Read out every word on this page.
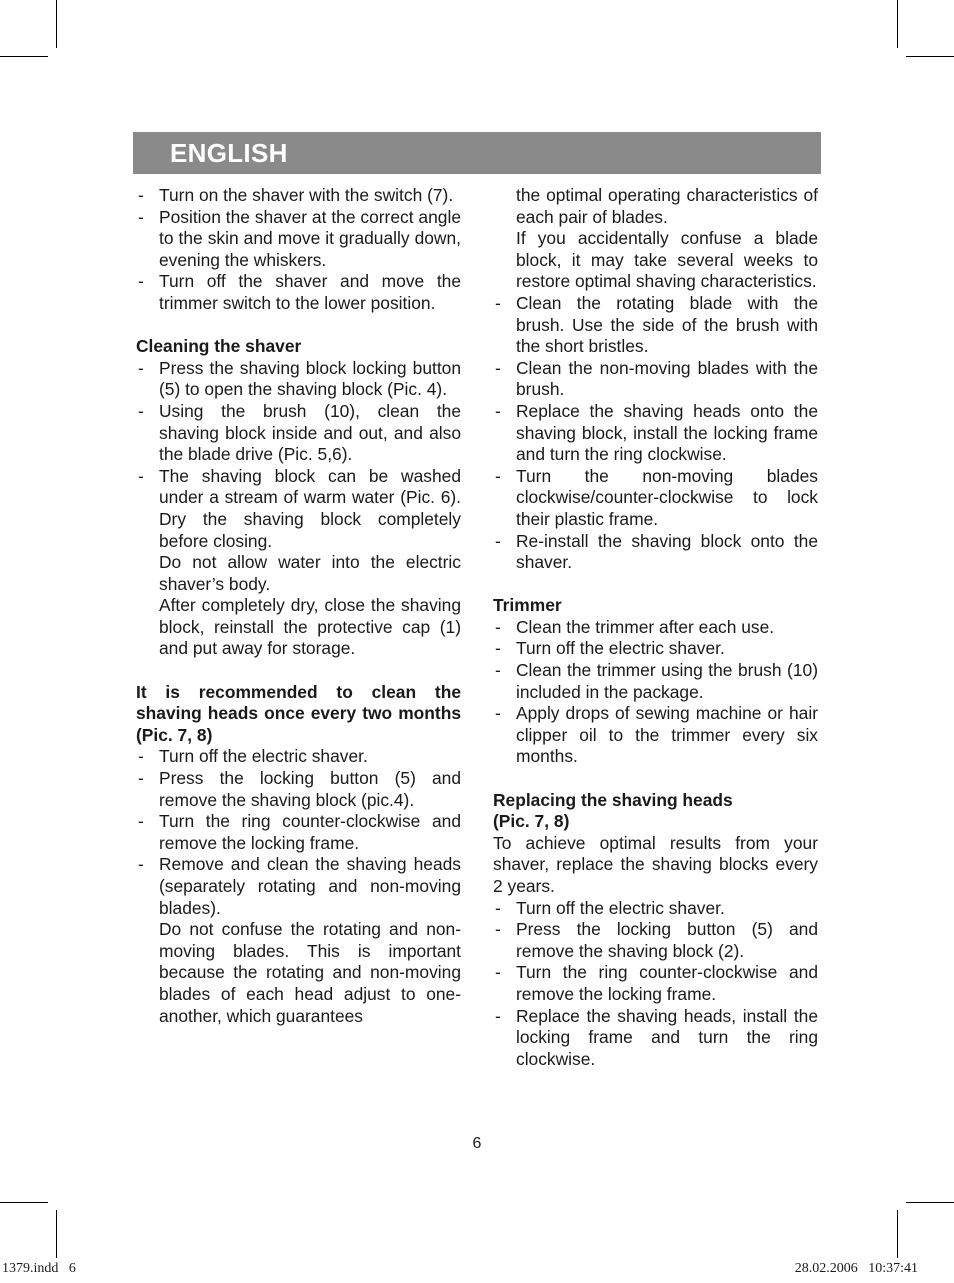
ENGLISH

- Turn on the shaver with the switch (7).

- Position the shaver at the correct angle to the skin and move it gradually down, evening the whiskers.

- Turn off the shaver and move the trimmer switch to the lower position.

Cleaning the shaver

- Press the shaving block locking button (5) to open the shaving block (Pic. 4).

- Using the brush (10), clean the shaving block inside and out, and also the blade drive (Pic. 5,6).

- The shaving block can be washed under a stream of warm water (Pic. 6). Dry the shaving block completely before closing.

Do not allow water into the electric shaver’s body.

After completely dry, close the shaving block, reinstall the protective cap (1) and put away for storage.

It is recommended to clean the shaving heads once every two months (Pic. 7, 8)

- Turn off the electric shaver.

- Press the locking button (5) and remove the shaving block (pic.4).

- Turn the ring counter-clockwise and remove the locking frame.

- Remove and clean the shaving heads (separately rotating and non-moving blades).

Do not confuse the rotating and non-moving blades. This is important because the rotating and non-moving blades of each head adjust to one-another, which guarantees

the optimal operating characteristics of each pair of blades.

If you accidentally confuse a blade block, it may take several weeks to restore optimal shaving characteristics.

- Clean the rotating blade with the brush. Use the side of the brush with the short bristles.

- Clean the non-moving blades with the brush.

- Replace the shaving heads onto the shaving block, install the locking frame and turn the ring clockwise.

- Turn the non-moving blades clockwise/counter-clockwise to lock their plastic frame.

- Re-install the shaving block onto the shaver.

Trimmer

- Clean the trimmer after each use.

- Turn off the electric shaver.

- Clean the trimmer using the brush (10) included in the package.

- Apply drops of sewing machine or hair clipper oil to the trimmer every six months.

Replacing the shaving heads

(Pic. 7, 8)

To achieve optimal results from your shaver, replace the shaving blocks every 2 years.

- Turn off the electric shaver.

- Press the locking button (5) and remove the shaving block (2).

- Turn the ring counter-clockwise and remove the locking frame.

- Replace the shaving heads, install the locking frame and turn the ring clockwise.

6
1379.indd   6	28.02.2006   10:37:41
